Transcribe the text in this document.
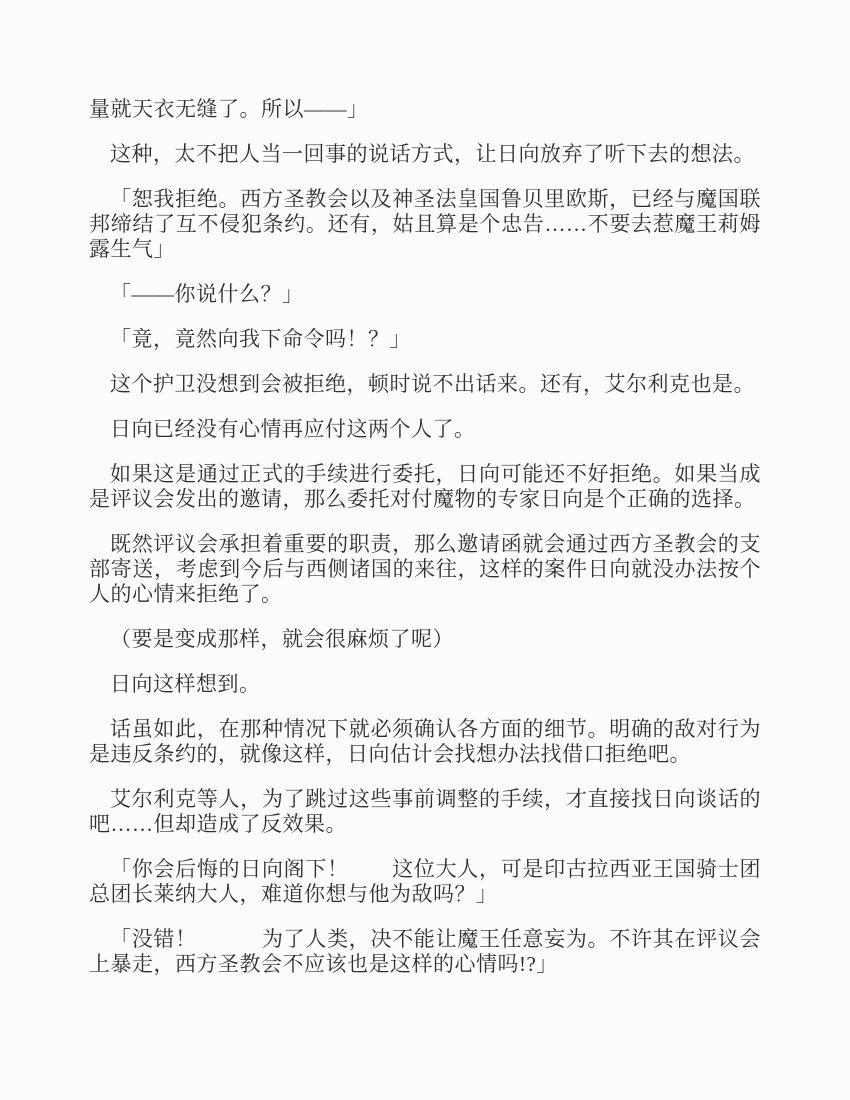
量就天衣无缝了。所以——」

这种，太不把人当一回事的说话方式，让日向放弃了听下去的想法。

「恕我拒绝。西方圣教会以及神圣法皇国鲁贝里欧斯，已经与魔国联邦缔结了互不侵犯条约。还有，姑且算是个忠告……不要去惹魔王莉姆露生气」

「——你说什么？」

「竟，竟然向我下命令吗！？」

这个护卫没想到会被拒绝，顿时说不出话来。还有，艾尔利克也是。

日向已经没有心情再应付这两个人了。

如果这是通过正式的手续进行委托，日向可能还不好拒绝。如果当成是评议会发出的邀请，那么委托对付魔物的专家日向是个正确的选择。

既然评议会承担着重要的职责，那么邀请函就会通过西方圣教会的支部寄送，考虑到今后与西侧诸国的来往，这样的案件日向就没办法按个人的心情来拒绝了。

（要是变成那样，就会很麻烦了呢）

日向这样想到。

话虽如此，在那种情况下就必须确认各方面的细节。明确的敌对行为是违反条约的，就像这样，日向估计会找想办法找借口拒绝吧。

艾尔利克等人，为了跳过这些事前调整的手续，才直接找日向谈话的吧……但却造成了反效果。

「你会后悔的日向阁下！　　这位大人，可是印古拉西亚王国骑士团总团长莱纳大人，难道你想与他为敌吗？」

「没错！　　　为了人类，决不能让魔王任意妄为。不许其在评议会上暴走，西方圣教会不应该也是这样的心情吗!?」
